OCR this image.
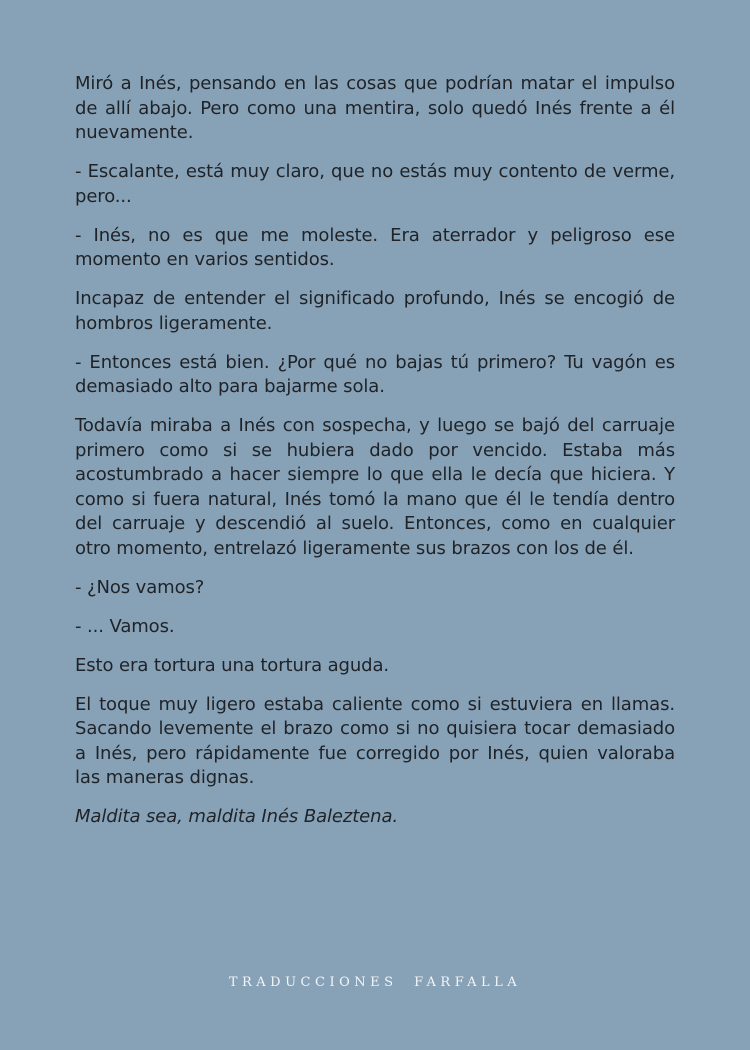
Miró a Inés, pensando en las cosas que podrían matar el impulso de allí abajo. Pero como una mentira, solo quedó Inés frente a él nuevamente.

- Escalante, está muy claro, que no estás muy contento de verme, pero...

- Inés, no es que me moleste. Era aterrador y peligroso ese momento en varios sentidos.

Incapaz de entender el significado profundo, Inés se encogió de hombros ligeramente.

- Entonces está bien. ¿Por qué no bajas tú primero? Tu vagón es demasiado alto para bajarme sola.

Todavía miraba a Inés con sospecha, y luego se bajó del carruaje primero como si se hubiera dado por vencido. Estaba más acostumbrado a hacer siempre lo que ella le decía que hiciera. Y como si fuera natural, Inés tomó la mano que él le tendía dentro del carruaje y descendió al suelo. Entonces, como en cualquier otro momento, entrelazó ligeramente sus brazos con los de él.

- ¿Nos vamos?

- ... Vamos.

Esto era tortura una tortura aguda.

El toque muy ligero estaba caliente como si estuviera en llamas. Sacando levemente el brazo como si no quisiera tocar demasiado a Inés, pero rápidamente fue corregido por Inés, quien valoraba las maneras dignas.

Maldita sea, maldita Inés Baleztena.

TRADUCCIONES FARFALLA
